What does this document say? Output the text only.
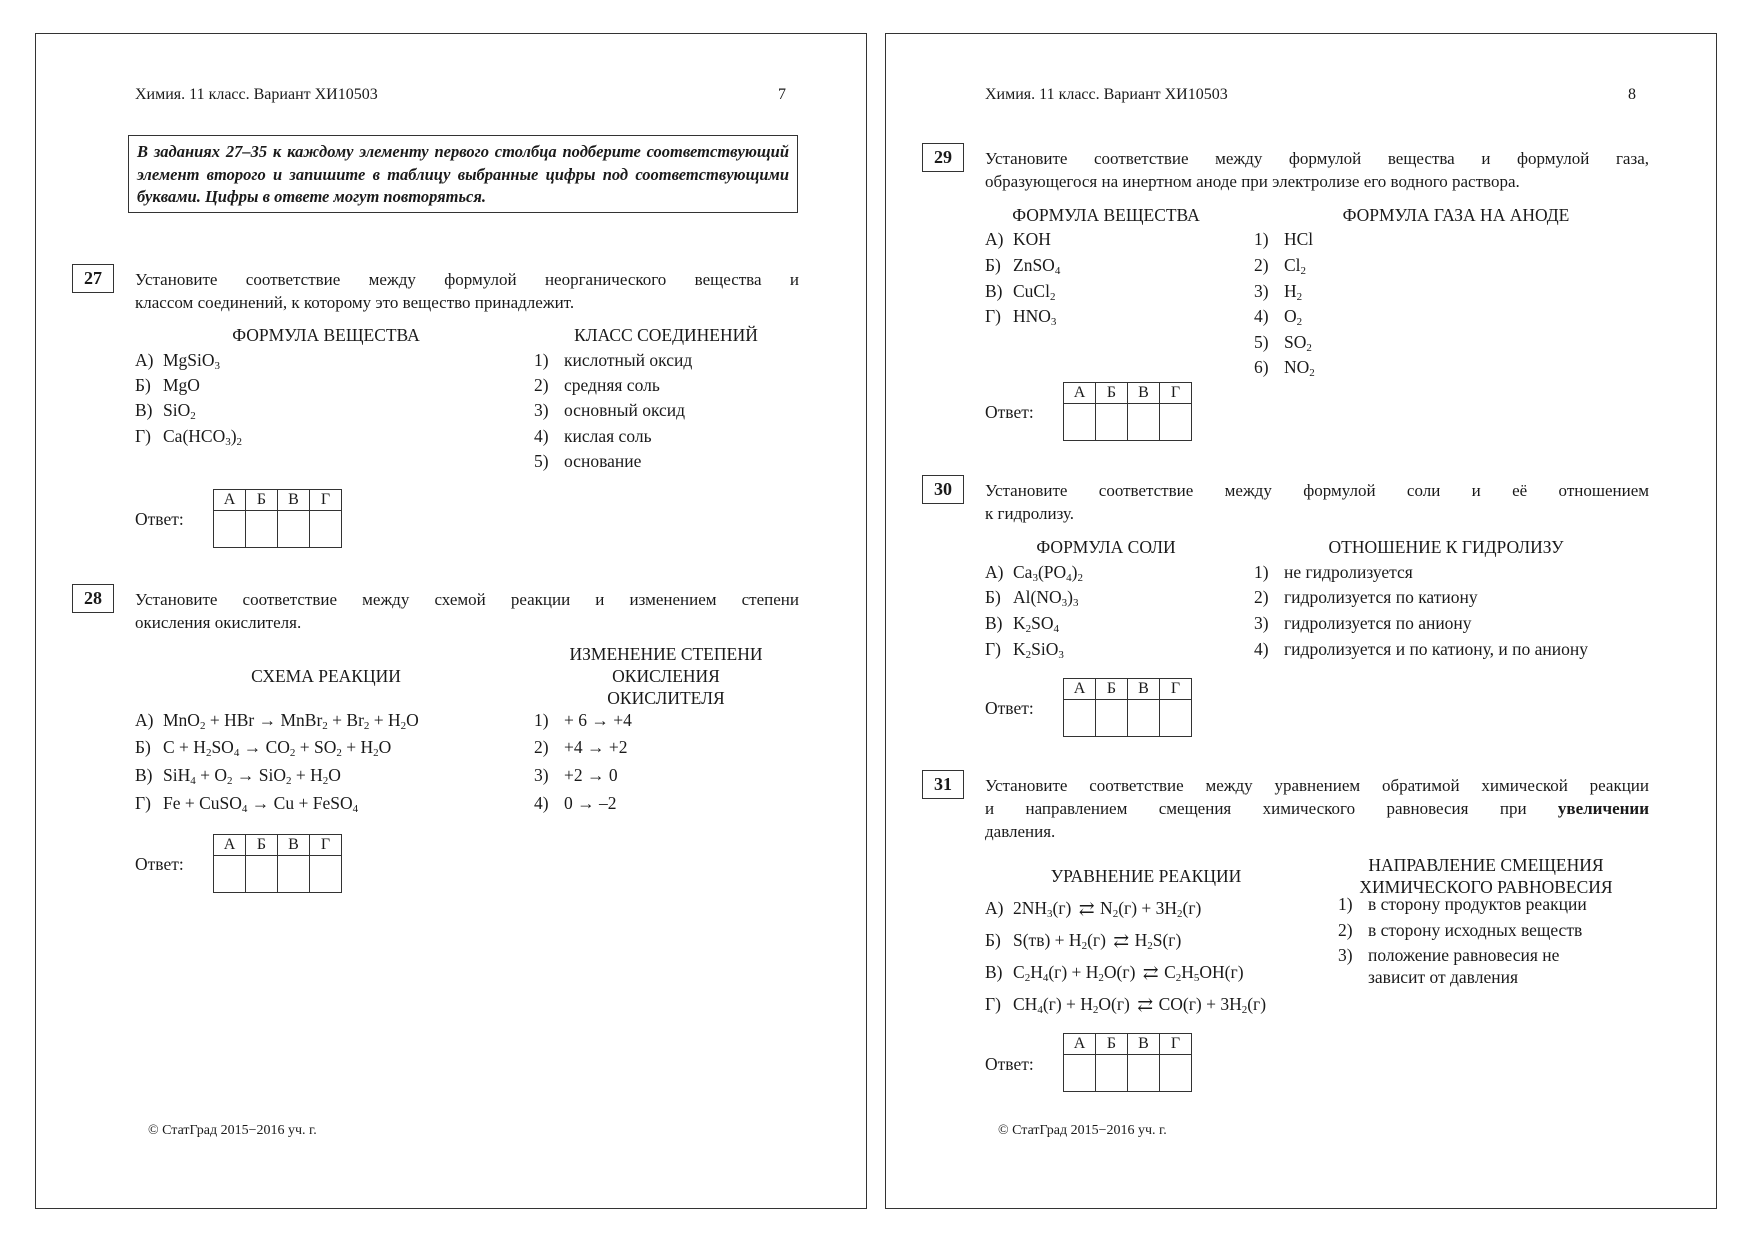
Химия. 11 класс. Вариант ХИ10503	7
В заданиях 27–35 к каждому элементу первого столбца подберите соответствующий элемент второго и запишите в таблицу выбранные цифры под соответствующими буквами. Цифры в ответе могут повторяться.
27	Установите соответствие между формулой неорганического вещества и
классом соединений, к которому это вещество принадлежит.
ФОРМУЛА ВЕЩЕСТВА	КЛАСС СОЕДИНЕНИЙ
А) MgSiO$_3$
Б) MgO
В) SiO$_2$
Г) $Ca(HCO_3)_2$
1) кислотный оксид
2) средняя соль
3) основный оксид
4) кислая соль
5) основание
Ответ:
А	Б	В	Г

28	Установите соответствие между схемой реакции и изменением степени
окисления окислителя.
СХЕМА РЕАКЦИИ
ИЗМЕНЕНИЕ СТЕПЕНИ
ОКИСЛЕНИЯ
ОКИСЛИТЕЛЯ
А) MnO$_2$ + HBr → MnBr$_2$ + $Br_2 + H_2O$
Б) $C + H_2SO_4 \to CO_2 + SO_2 + H_2O$
В) $SiH_4 + O_2 \to SiO_2 + H_2O$
Г) Fe + CuSO$_4$ → Cu + FeSO$_4$
1) + 6 → +4
2) +4 → +2
3) +2 → 0
4) 0 → –2
Ответ:
А	Б	В	Г

© СтатГрад 2015−2016 уч. г.
Химия. 11 класс. Вариант ХИ10503	8
29	Установите соответствие между формулой вещества и формулой газа,
образующегося на инертном аноде при электролизе его водного раствора.
ФОРМУЛА ВЕЩЕСТВА	ФОРМУЛА ГАЗА НА АНОДЕ
А) KOH
Б) ZnSO$_4$
В) CuCl$_2$
Г) $HNO_3$
1) HCl
2) $Cl_2$
3) $H_2$
4) $O_2$
5) $SO_2$
6) $NO_2$
Ответ:
А	Б	В	Г

30	Установите соответствие между формулой соли и её отношением
к гидролизу.
ФОРМУЛА СОЛИ	ОТНОШЕНИЕ К ГИДРОЛИЗУ
А) $Ca_3(PO_4)_2$
Б) $Al(NO_3)_3$
В) $K_2SO_4$
Г) $K_2SiO_3$
1) не гидролизуется
2) гидролизуется по катиону
3) гидролизуется по аниону
4) гидролизуется и по катиону, и по аниону
Ответ:
А	Б	В	Г

31	Установите соответствие между уравнением обратимой химической реакции
и направлением смещения химического равновесия при увеличении
давления.
УРАВНЕНИЕ РЕАКЦИИ
НАПРАВЛЕНИЕ СМЕЩЕНИЯ
ХИМИЧЕСКОГО РАВНОВЕСИЯ
А) $2NH_3(г)$ ⇄ $N_2(г) + 3H_2(г)$
Б) $S(тв) + H_2(г)$ ⇄ $H_2S(г)$
В) $C_2H_4(г) + H_2O(г)$ ⇄ $C_2H_5OH(г)$
Г) $CH_4(г) + H_2O(г)$ ⇄ $CO(г) + 3H_2(г)$
1) в сторону продуктов реакции
2) в сторону исходных веществ
3) положение равновесия не зависит от давления
Ответ:
А	Б	В	Г

© СтатГрад 2015−2016 уч. г.
